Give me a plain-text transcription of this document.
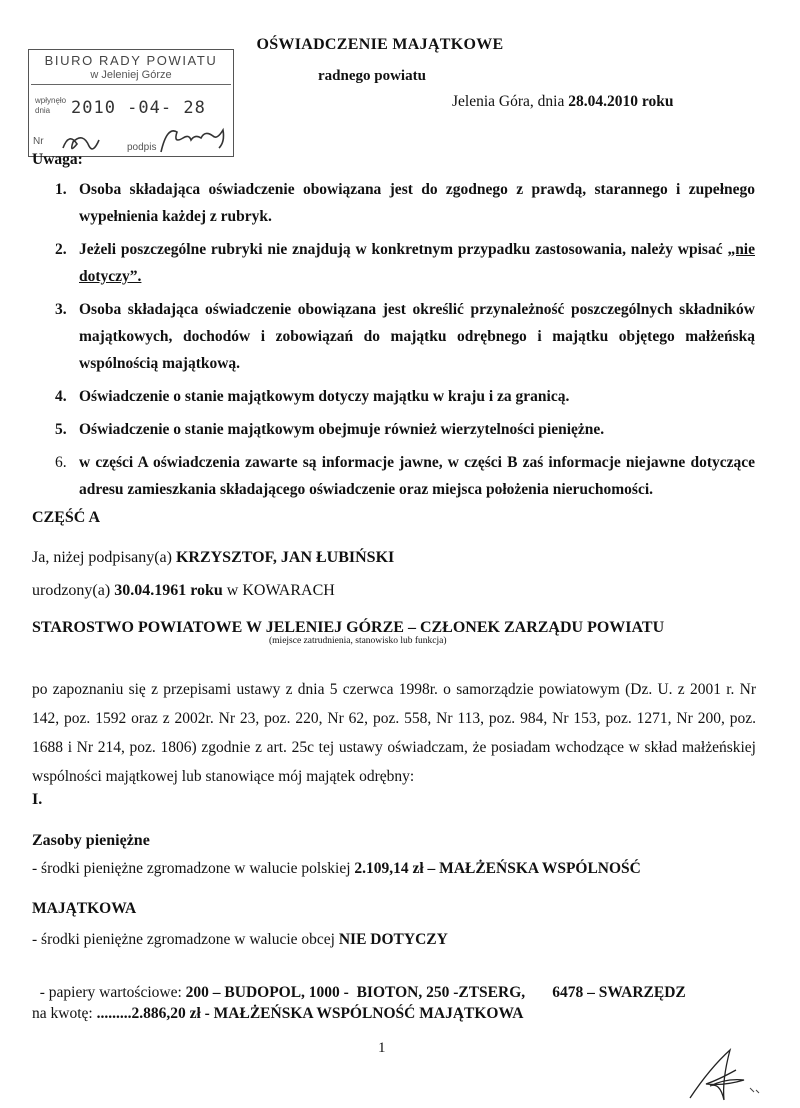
OŚWIADCZENIE MAJĄTKOWE
radnego powiatu
Jelenia Góra, dnia 28.04.2010 roku
BIURO RADY POWIATU
w Jeleniej Górze
wpłynęło dnia	2010 -04- 28
Nr
podpis
Uwaga:
1. Osoba składająca oświadczenie obowiązana jest do zgodnego z prawdą, starannego i zupełnego wypełnienia każdej z rubryk.
2. Jeżeli poszczególne rubryki nie znajdują w konkretnym przypadku zastosowania, należy wpisać „nie dotyczy”.
3. Osoba składająca oświadczenie obowiązana jest określić przynależność poszczególnych składników majątkowych, dochodów i zobowiązań do majątku odrębnego i majątku objętego małżeńską wspólnością majątkową.
4. Oświadczenie o stanie majątkowym dotyczy majątku w kraju i za granicą.
5. Oświadczenie o stanie majątkowym obejmuje również wierzytelności pieniężne.
6. w części A oświadczenia zawarte są informacje jawne, w części B zaś informacje niejawne dotyczące adresu zamieszkania składającego oświadczenie oraz miejsca położenia nieruchomości.
CZĘŚĆ A
Ja, niżej podpisany(a) KRZYSZTOF, JAN ŁUBIŃSKI
urodzony(a) 30.04.1961 roku w KOWARACH
STAROSTWO POWIATOWE W JELENIEJ GÓRZE – CZŁONEK ZARZĄDU POWIATU
(miejsce zatrudnienia, stanowisko lub funkcja)
po zapoznaniu się z przepisami ustawy z dnia 5 czerwca 1998r. o samorządzie powiatowym (Dz. U. z 2001 r. Nr 142, poz. 1592 oraz z 2002r. Nr 23, poz. 220, Nr 62, poz. 558, Nr 113, poz. 984, Nr 153, poz. 1271, Nr 200, poz. 1688 i Nr 214, poz. 1806) zgodnie z art. 25c tej ustawy oświadczam, że posiadam wchodzące w skład małżeńskiej wspólności majątkowej lub stanowiące mój majątek odrębny:
I.
Zasoby pieniężne
- środki pieniężne zgromadzone w walucie polskiej 2.109,14 zł – MAŁŻEŃSKA WSPÓLNOŚĆ
MAJĄTKOWA
- środki pieniężne zgromadzone w walucie obcej NIE DOTYCZY

- papiery wartościowe: 200 – BUDOPOL, 1000 -  BIOTON, 250 -ZTSERG,       6478 – SWARZĘDZ

na kwotę: .........2.886,20 zł - MAŁŻEŃSKA WSPÓLNOŚĆ MAJĄTKOWA
1
